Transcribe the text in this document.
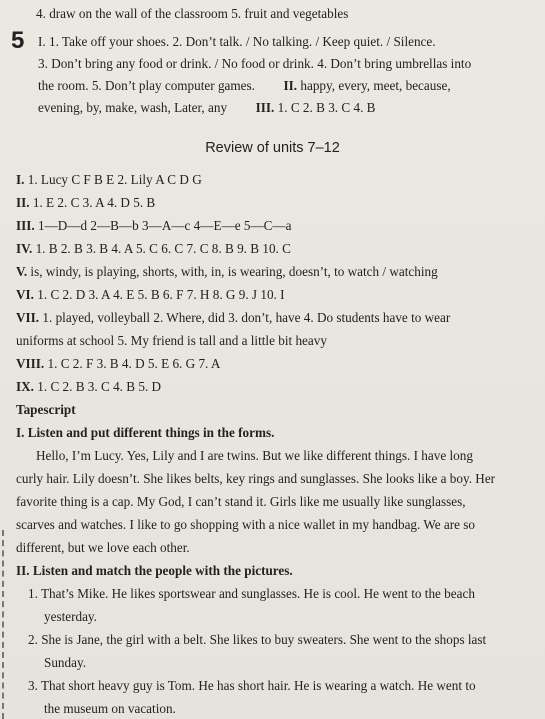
4. draw on the wall of the classroom 5. fruit and vegetables
5 I. 1. Take off your shoes. 2. Don’t talk. / No talking. / Keep quiet. / Silence.
3. Don’t bring any food or drink. / No food or drink. 4. Don’t bring umbrellas into
the room. 5. Don’t play computer games. II. happy, every, meet, because,
evening, by, make, wash, Later, any III. 1. C 2. B 3. C 4. B
Review of units 7–12
I. 1. Lucy C F B E 2. Lily A C D G
II. 1. E 2. C 3. A 4. D 5. B
III. 1—D—d 2—B—b 3—A—c 4—E—e 5—C—a
IV. 1. B 2. B 3. B 4. A 5. C 6. C 7. C 8. B 9. B 10. C
V. is, windy, is playing, shorts, with, in, is wearing, doesn’t, to watch / watching
VI. 1. C 2. D 3. A 4. E 5. B 6. F 7. H 8. G 9. J 10. I
VII. 1. played, volleyball 2. Where, did 3. don’t, have 4. Do students have to wear
uniforms at school 5. My friend is tall and a little bit heavy
VIII. 1. C 2. F 3. B 4. D 5. E 6. G 7. A
IX. 1. C 2. B 3. C 4. B 5. D
Tapescript
I. Listen and put different things in the forms.
Hello, I’m Lucy. Yes, Lily and I are twins. But we like different things. I have long
curly hair. Lily doesn’t. She likes belts, key rings and sunglasses. She looks like a boy. Her
favorite thing is a cap. My God, I can’t stand it. Girls like me usually like sunglasses,
scarves and watches. I like to go shopping with a nice wallet in my handbag. We are so
different, but we love each other.
II. Listen and match the people with the pictures.
1. That’s Mike. He likes sportswear and sunglasses. He is cool. He went to the beach
yesterday.
2. She is Jane, the girl with a belt. She likes to buy sweaters. She went to the shops last
Sunday.
3. That short heavy guy is Tom. He has short hair. He is wearing a watch. He went to
the museum on vacation.
